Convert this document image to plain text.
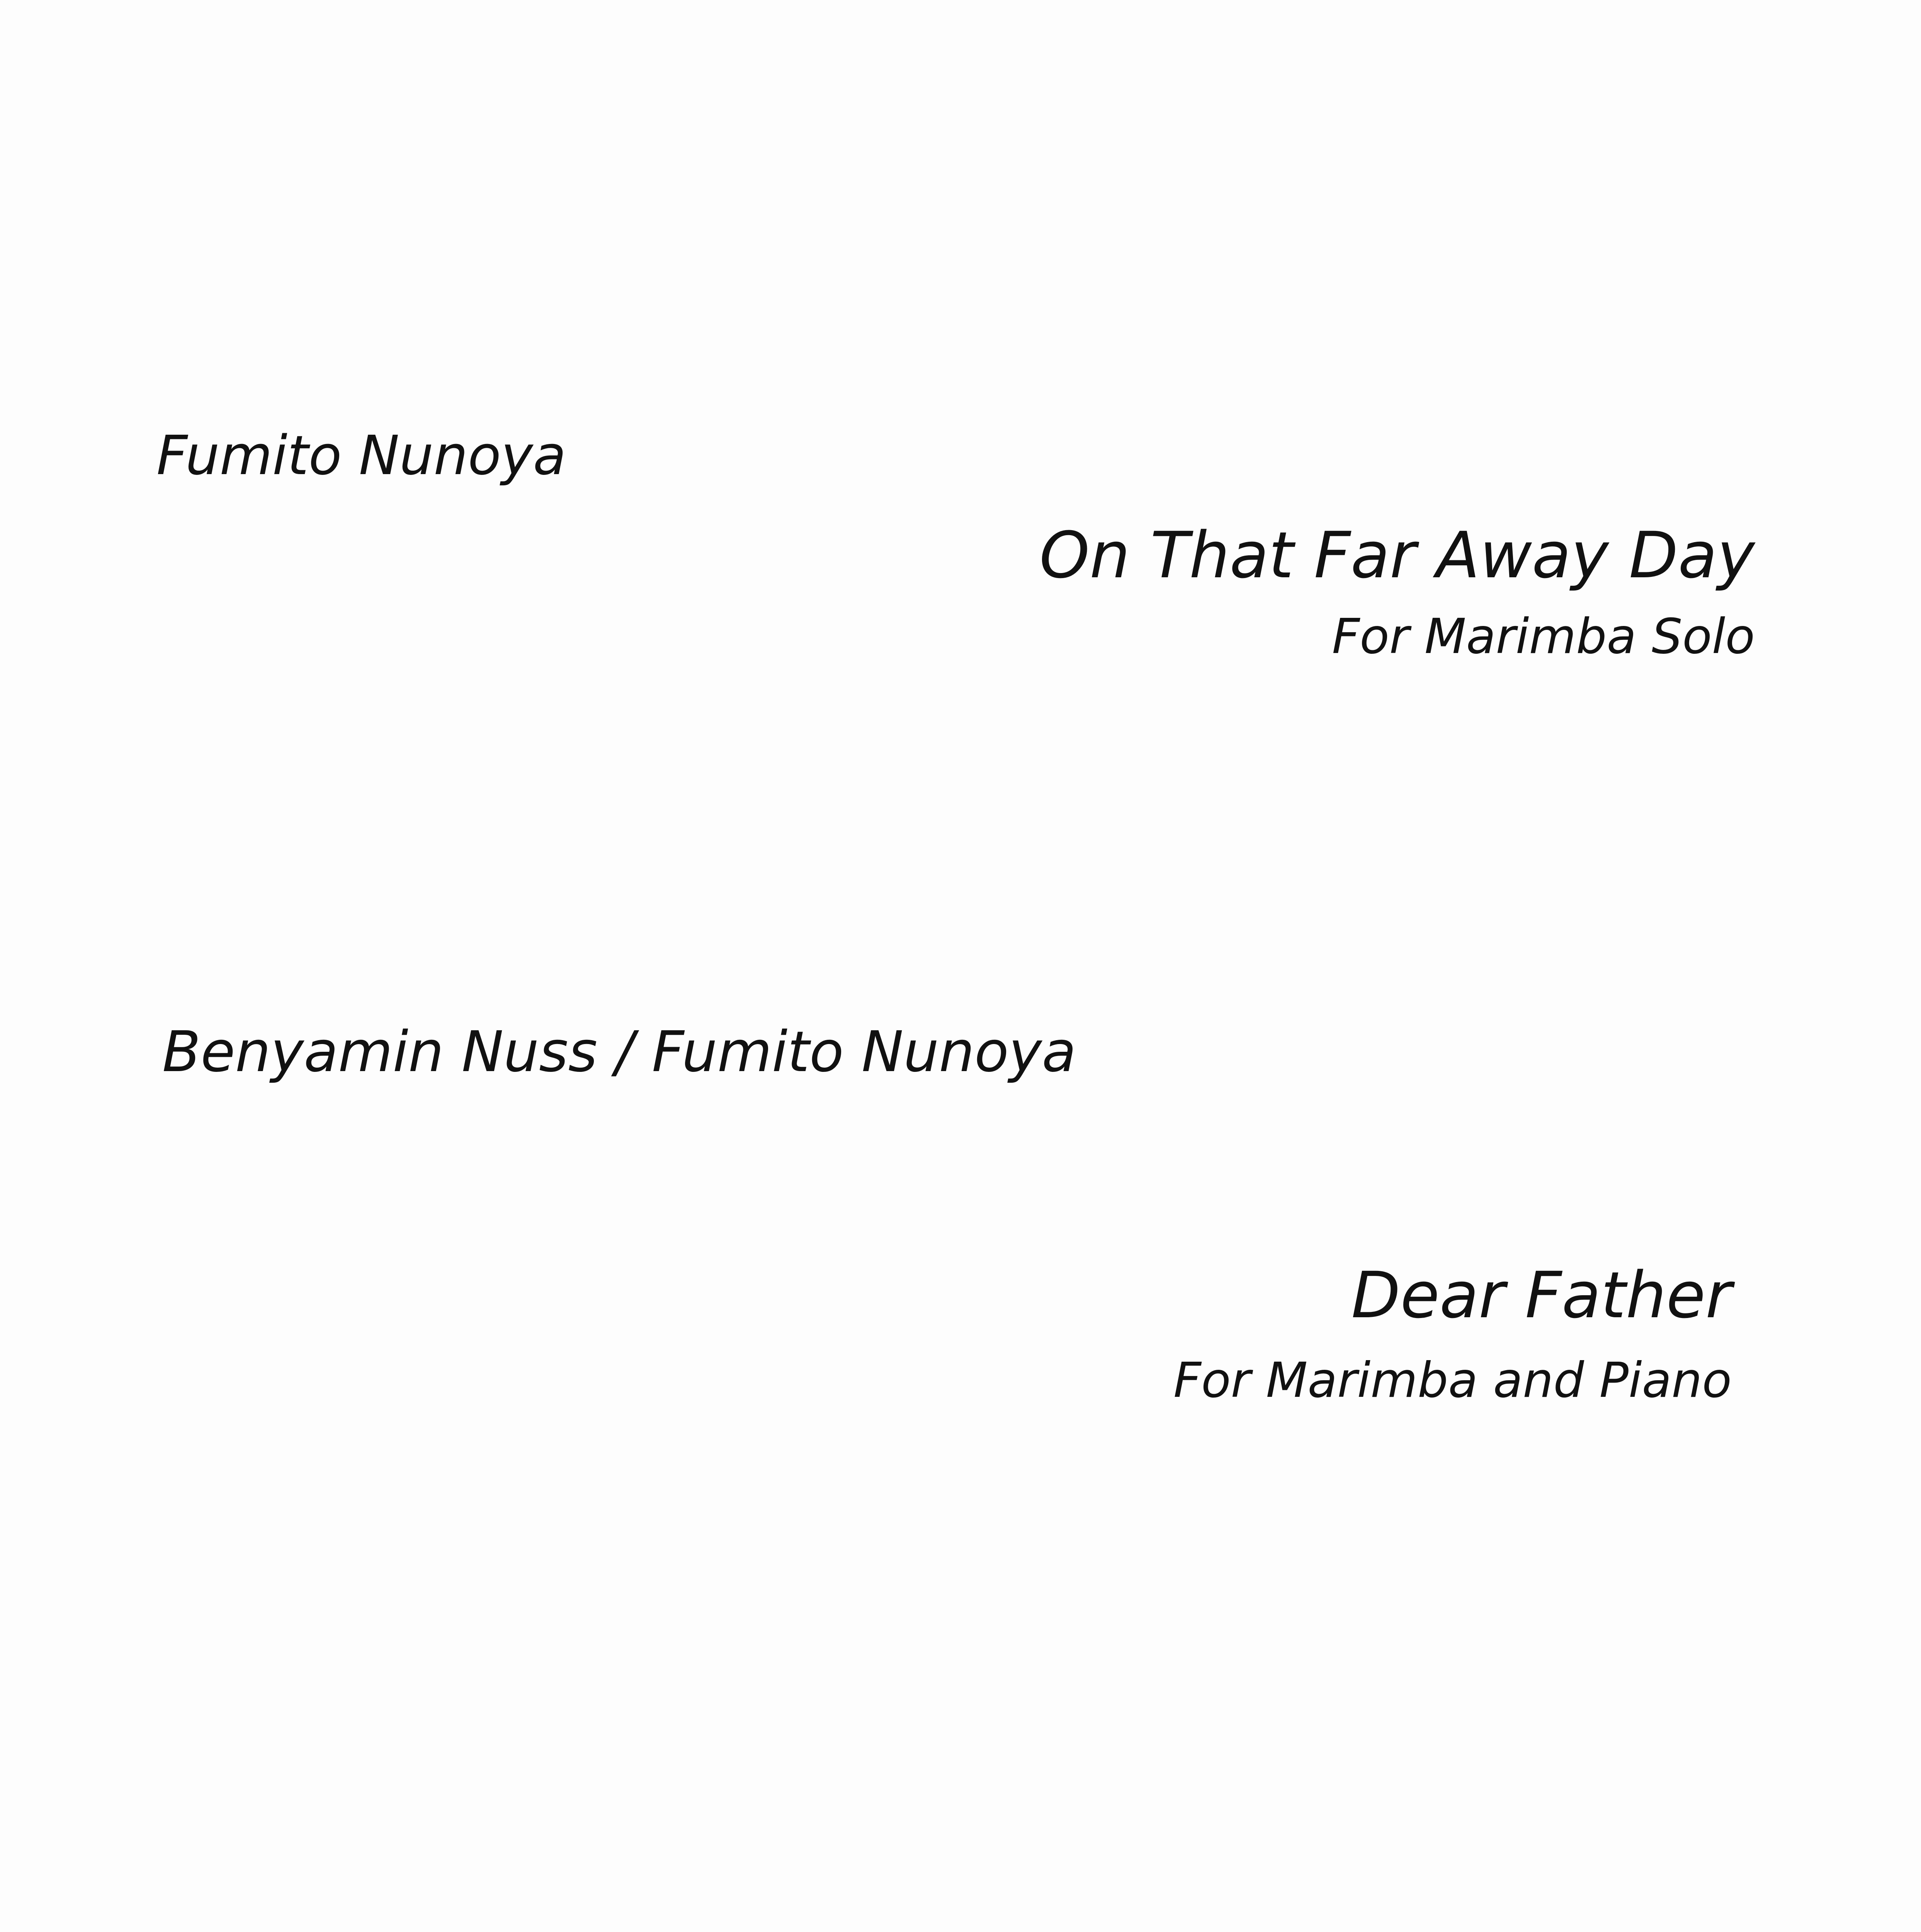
Fumito Nunoya
On That Far Away Day
For Marimba Solo
Benyamin Nuss / Fumito Nunoya
Dear Father
For Marimba and Piano
